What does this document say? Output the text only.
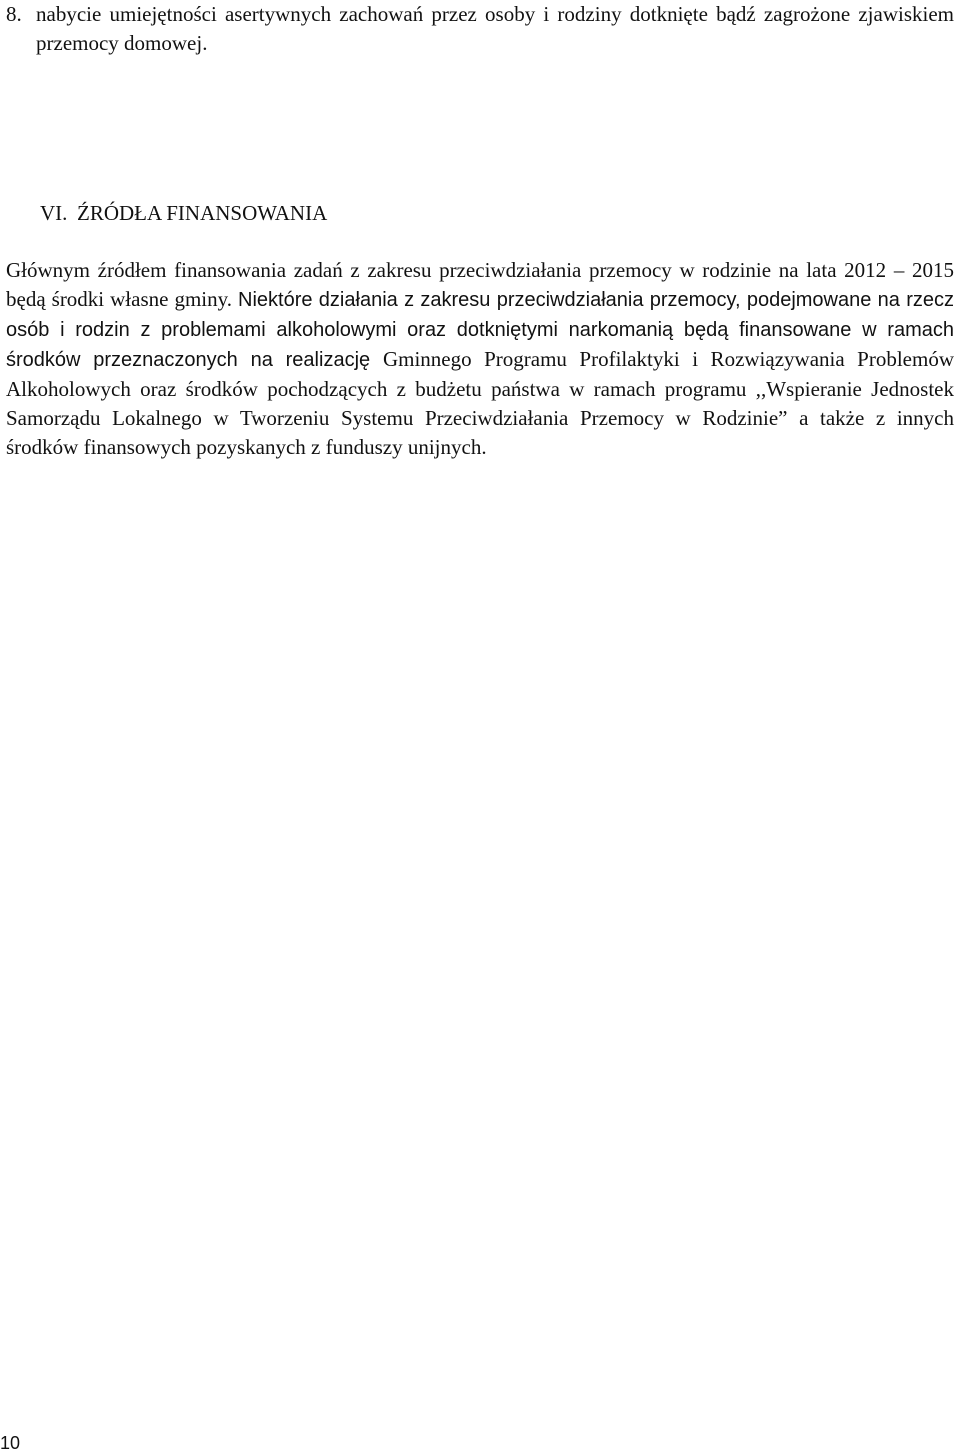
8. nabycie umiejętności asertywnych zachowań przez osoby i rodziny dotknięte bądź zagrożone zjawiskiem przemocy domowej.
VI. ŹRÓDŁA FINANSOWANIA

Głównym źródłem finansowania zadań z zakresu przeciwdziałania przemocy w rodzinie na lata 2012 – 2015 będą środki własne gminy. Niektóre działania z zakresu przeciwdziałania przemocy, podejmowane na rzecz osób i rodzin z problemami alkoholowymi oraz dotkniętymi narkomanią będą finansowane w ramach środków przeznaczonych na realizację Gminnego Programu Profilaktyki i Rozwiązywania Problemów Alkoholowych oraz środków pochodzących z budżetu państwa w ramach programu ,,Wspieranie Jednostek Samorządu Lokalnego w Tworzeniu Systemu Przeciwdziałania Przemocy w Rodzinie” a także z innych środków finansowych pozyskanych z funduszy unijnych.

10
